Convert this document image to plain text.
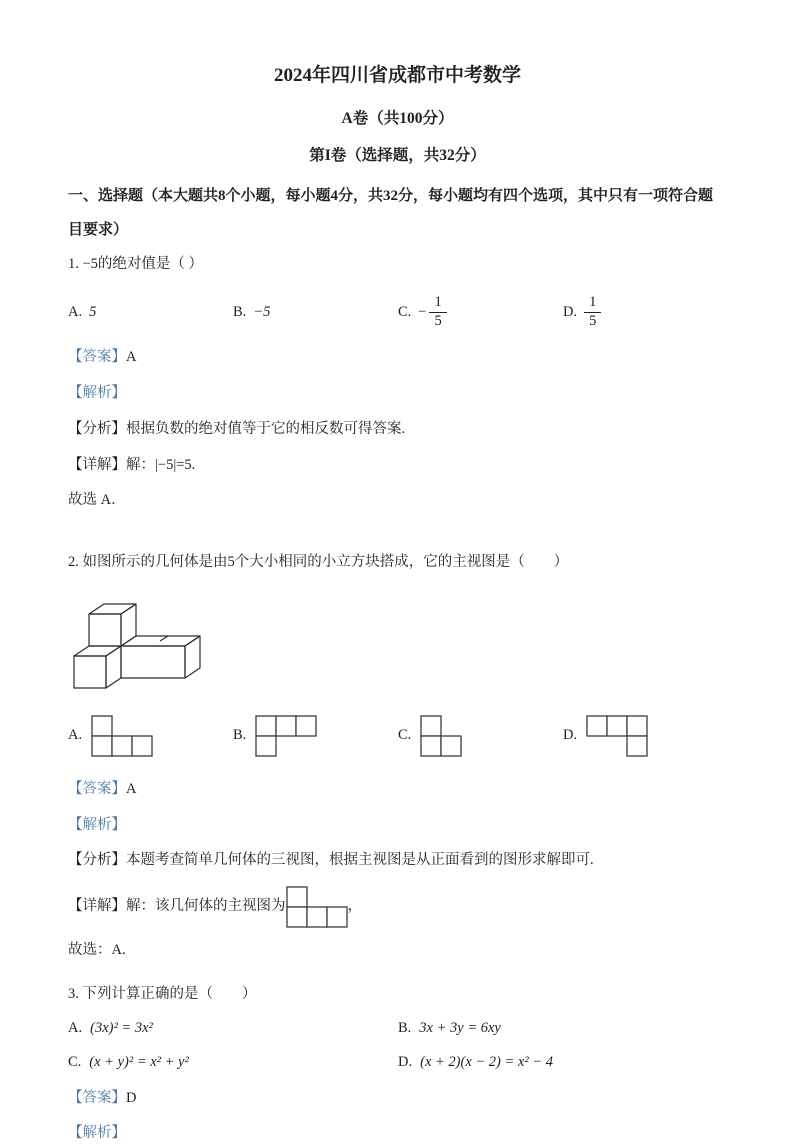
2024年四川省成都市中考数学
A卷（共100分）
第I卷（选择题，共32分）

一、选择题（本大题共8个小题，每小题4分，共32分，每小题均有四个选项，其中只有一项符合题目要求）

1. −5的绝对值是（ ）

A. 5	B. −5	C. − $\frac{1}{5}$	D. $\frac{1}{5}$

【答案】A

【解析】

【分析】根据负数的绝对值等于它的相反数可得答案.

【详解】解：|−5|=5.

故选 A．

2. 如图所示的几何体是由5个大小相同的小立方块搭成，它的主视图是（　　）

A.	B.	C.	D.

【答案】A

【解析】

【分析】本题考查简单几何体的三视图，根据主视图是从正面看到的图形求解即可.

【详解】 解：该几何体的主视图为	，

故选：A.

3. 下列计算正确的是（　　）

A. (3x)² = 3x²	B. 3x + 3y = 6xy
C. (x + y)² = x² + y²	D. (x + 2)(x − 2) = x² − 4

【答案】D

【解析】
